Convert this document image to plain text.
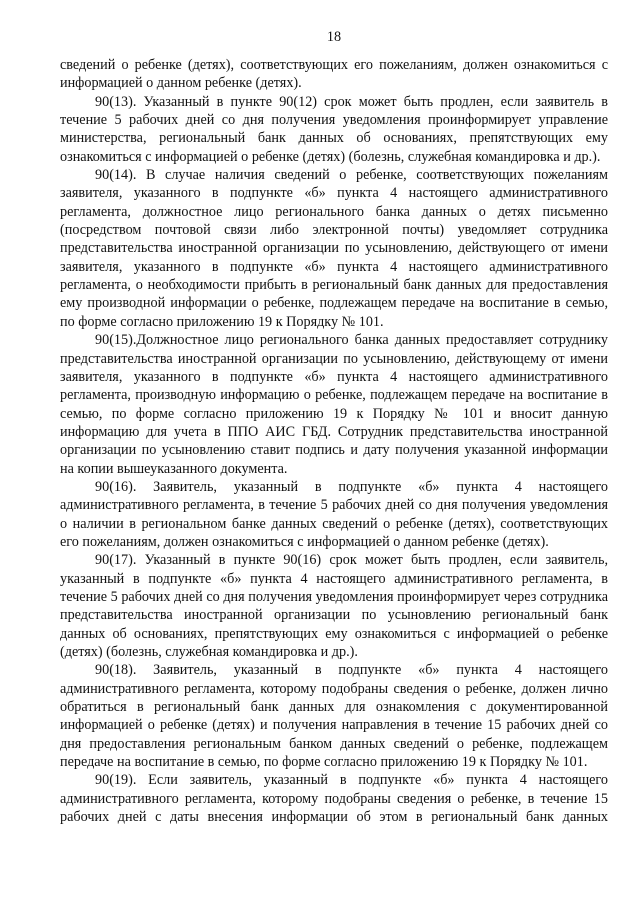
18

сведений о ребенке (детях), соответствующих его пожеланиям, должен ознакомиться с информацией о данном ребенке (детях).

90(13). Указанный в пункте 90(12) срок может быть продлен, если заявитель в течение 5 рабочих дней со дня получения уведомления проинформирует управление министерства, региональный банк данных об основаниях, препятствующих ему ознакомиться с информацией о ребенке (детях) (болезнь, служебная командировка и др.).

90(14). В случае наличия сведений о ребенке, соответствующих пожеланиям заявителя, указанного в подпункте «б» пункта 4 настоящего административного регламента, должностное лицо регионального банка данных о детях письменно (посредством почтовой связи либо электронной почты) уведомляет сотрудника представительства иностранной организации по усыновлению, действующего от имени заявителя, указанного в подпункте «б» пункта 4 настоящего административного регламента, о необходимости прибыть в региональный банк данных для предоставления ему производной информации о ребенке, подлежащем передаче на воспитание в семью, по форме согласно приложению 19 к Порядку № 101.

90(15).Должностное лицо регионального банка данных предоставляет сотруднику представительства иностранной организации по усыновлению, действующему от имени заявителя, указанного в подпункте «б» пункта 4 настоящего административного регламента, производную информацию о ребенке, подлежащем передаче на воспитание в семью, по форме согласно приложению 19 к Порядку № 101 и вносит данную информацию для учета в ППО АИС ГБД. Сотрудник представительства иностранной организации по усыновлению ставит подпись и дату получения указанной информации на копии вышеуказанного документа.

90(16). Заявитель, указанный в подпункте «б» пункта 4 настоящего административного регламента, в течение 5 рабочих дней со дня получения уведомления о наличии в региональном банке данных сведений о ребенке (детях), соответствующих его пожеланиям, должен ознакомиться с информацией о данном ребенке (детях).

90(17). Указанный в пункте 90(16) срок может быть продлен, если заявитель, указанный в подпункте «б» пункта 4 настоящего административного регламента, в течение 5 рабочих дней со дня получения уведомления проинформирует через сотрудника представительства иностранной организации по усыновлению региональный банк данных об основаниях, препятствующих ему ознакомиться с информацией о ребенке (детях) (болезнь, служебная командировка и др.).

90(18). Заявитель, указанный в подпункте «б» пункта 4 настоящего административного регламента, которому подобраны сведения о ребенке, должен лично обратиться в региональный банк данных для ознакомления с документированной информацией о ребенке (детях) и получения направления в течение 15 рабочих дней со дня предоставления региональным банком данных сведений о ребенке, подлежащем передаче на воспитание в семью, по форме согласно приложению 19 к Порядку № 101.

90(19). Если заявитель, указанный в подпункте «б» пункта 4 настоящего административного регламента, которому подобраны сведения о ребенке, в течение 15 рабочих дней с даты внесения информации об этом в региональный банк данных
